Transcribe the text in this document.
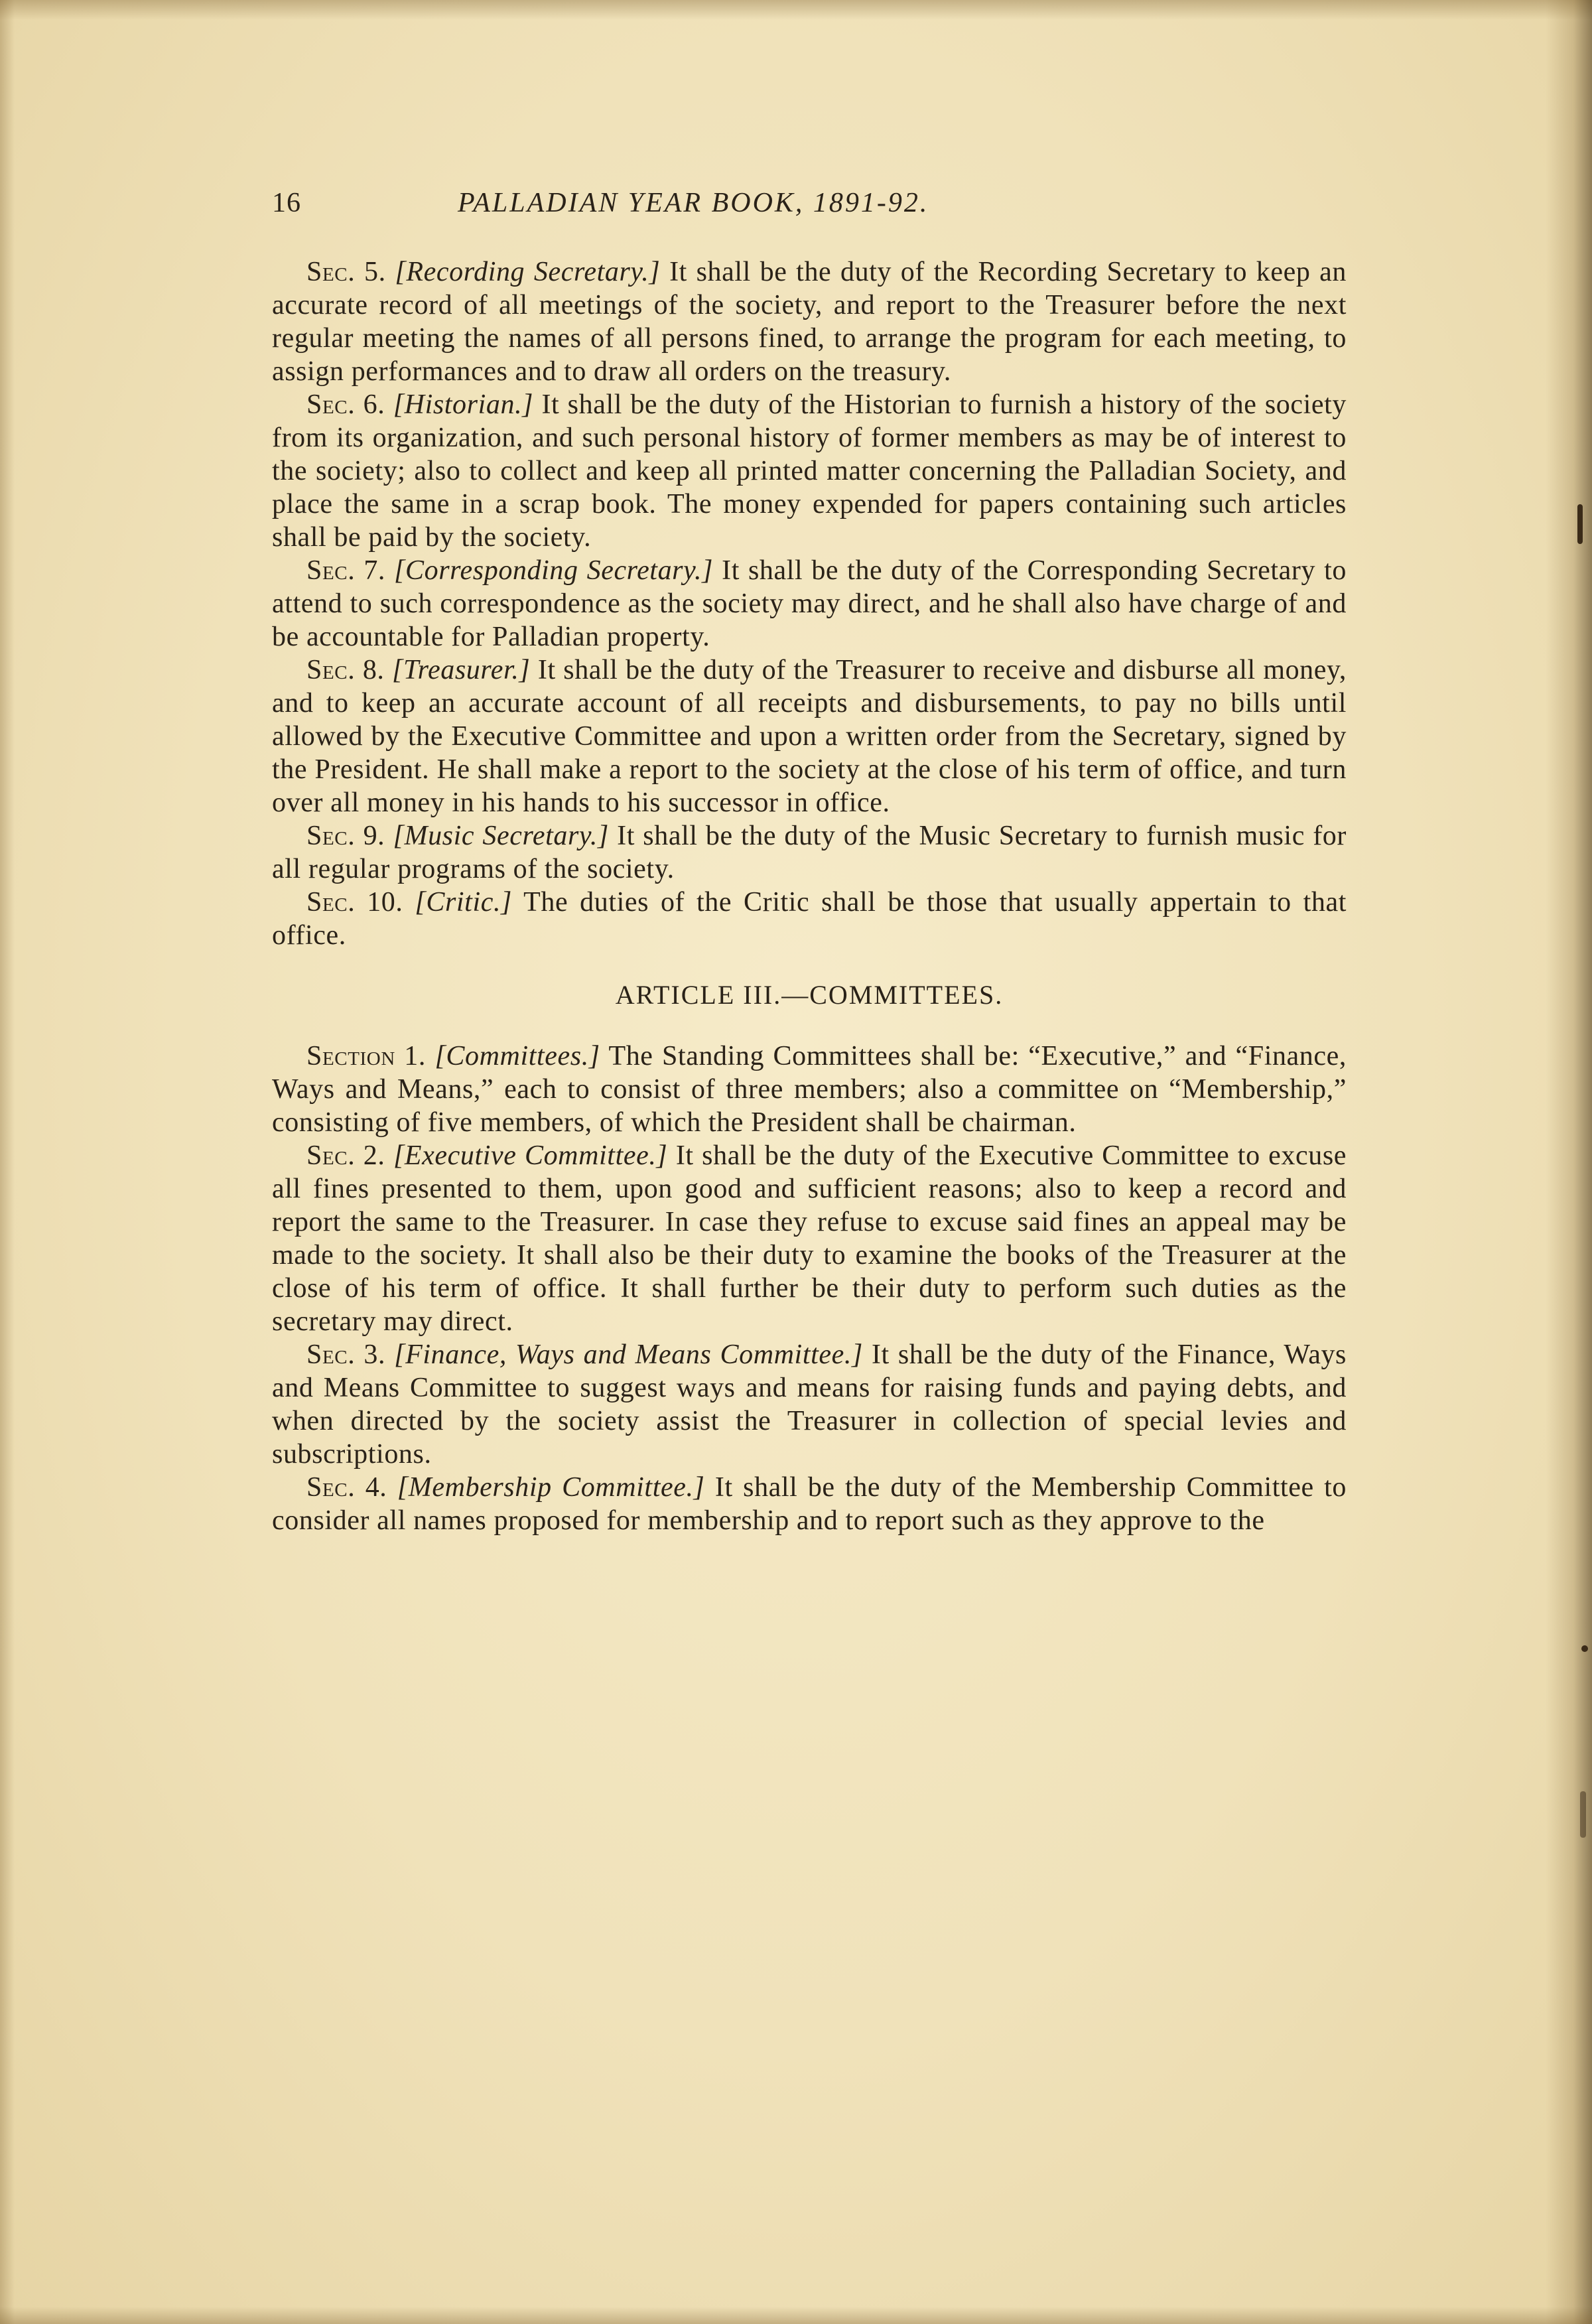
16	PALLADIAN YEAR BOOK, 1891-92.

Sec. 5. [Recording Secretary.] It shall be the duty of the Recording Secretary to keep an accurate record of all meetings of the society, and report to the Treasurer before the next regular meeting the names of all persons fined, to arrange the program for each meeting, to assign performances and to draw all orders on the treasury.

Sec. 6. [Historian.] It shall be the duty of the Historian to furnish a history of the society from its organization, and such personal history of former members as may be of interest to the society; also to collect and keep all printed matter concerning the Palladian Society, and place the same in a scrap book. The money expended for papers containing such articles shall be paid by the society.

Sec. 7. [Corresponding Secretary.] It shall be the duty of the Corresponding Secretary to attend to such correspondence as the society may direct, and he shall also have charge of and be accountable for Palladian property.

Sec. 8. [Treasurer.] It shall be the duty of the Treasurer to receive and disburse all money, and to keep an accurate account of all receipts and disbursements, to pay no bills until allowed by the Executive Committee and upon a written order from the Secretary, signed by the President. He shall make a report to the society at the close of his term of office, and turn over all money in his hands to his successor in office.

Sec. 9. [Music Secretary.] It shall be the duty of the Music Secretary to furnish music for all regular programs of the society.

Sec. 10. [Critic.] The duties of the Critic shall be those that usually appertain to that office.

ARTICLE III.—COMMITTEES.

Section 1. [Committees.] The Standing Committees shall be: “Executive,” and “Finance, Ways and Means,” each to consist of three members; also a committee on “Membership,” consisting of five members, of which the President shall be chairman.

Sec. 2. [Executive Committee.] It shall be the duty of the Executive Committee to excuse all fines presented to them, upon good and sufficient reasons; also to keep a record and report the same to the Treasurer. In case they refuse to excuse said fines an appeal may be made to the society. It shall also be their duty to examine the books of the Treasurer at the close of his term of office. It shall further be their duty to perform such duties as the secretary may direct.

Sec. 3. [Finance, Ways and Means Committee.] It shall be the duty of the Finance, Ways and Means Committee to suggest ways and means for raising funds and paying debts, and when directed by the society assist the Treasurer in collection of special levies and subscriptions.

Sec. 4. [Membership Committee.] It shall be the duty of the Membership Committee to consider all names proposed for membership and to report such as they approve to the
